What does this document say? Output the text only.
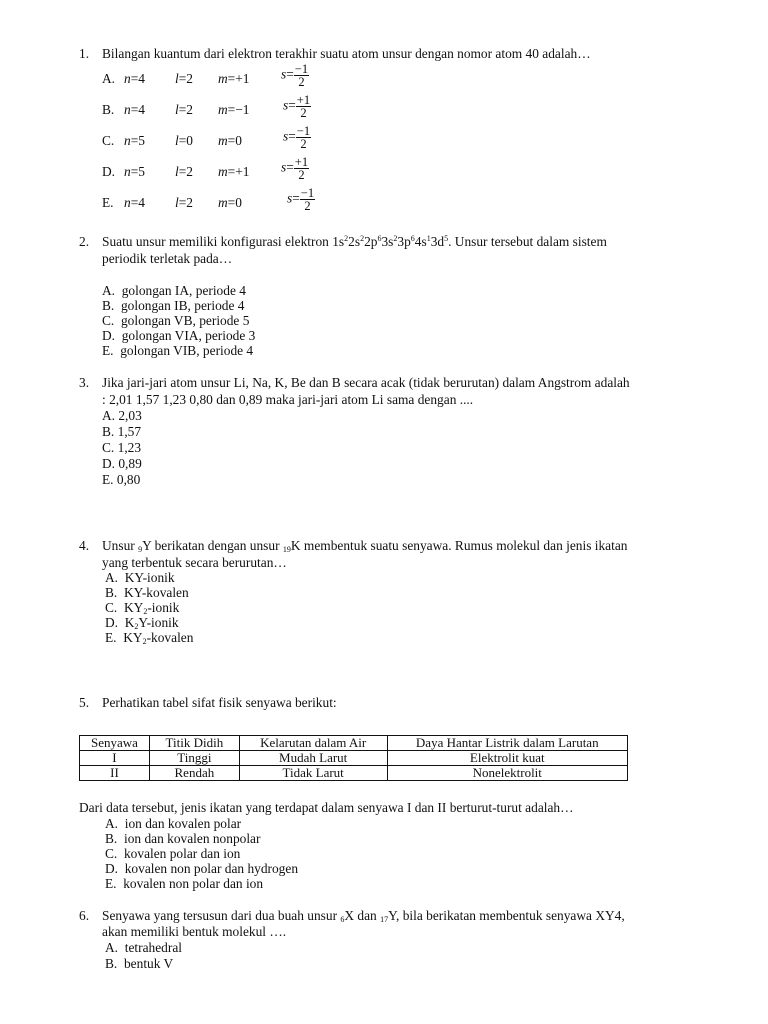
1. Bilangan kuantum dari elektron terakhir suatu atom unsur dengan nomor atom 40 adalah…
A. n=4 l=2 m=+1 $s= \frac{-1}{2}$
B. n=4 l=2 m=−1	$s= \frac{+1}{2}$
C. n=5 l=0 m=0	$s= \frac{-1}{2}$
D. n=5 l=2 m=+1 $s= \frac{+1}{2}$
E. n=4 l=2 m=0	$s= \frac{-1}{2}$
2. Suatu unsur memiliki konfigurasi elektron $1s^22s^22p^63s^23p^64s^13d^5$. Unsur tersebut dalam sistem
periodik terletak pada…
A. golongan IA, periode 4
B. golongan IB, periode 4
C. golongan VB, periode 5
D. golongan VIA, periode 3
E. golongan VIB, periode 4
3. Jika jari-jari atom unsur Li, Na, K, Be dan B secara acak (tidak berurutan) dalam Angstrom adalah
: 2,01 1,57 1,23 0,80 dan 0,89 maka jari-jari atom Li sama dengan ....
A. 2,03
B. 1,57
C. 1,23
D. 0,89
E. 0,80
4. Unsur $_9$Y berikatan dengan unsur $_{19}$K membentuk suatu senyawa. Rumus molekul dan jenis ikatan
yang terbentuk secara berurutan…
A. KY-ionik
B. KY-kovalen
C. $KY_2$-ionik
D. $K_2Y$-ionik
E. $KY_2$-kovalen
5. Perhatikan tabel sifat fisik senyawa berikut:
Senyawa	Titik Didih	Kelarutan dalam Air	Daya Hantar Listrik dalam Larutan
I	Tinggi	Mudah Larut	Elektrolit kuat
II	Rendah	Tidak Larut	Nonelektrolit
Dari data tersebut, jenis ikatan yang terdapat dalam senyawa I dan II berturut-turut adalah…
A. ion dan kovalen polar
B. ion dan kovalen nonpolar
C. kovalen polar dan ion
D. kovalen non polar dan hydrogen
E. kovalen non polar dan ion
6. Senyawa yang tersusun dari dua buah unsur $_6$X dan $_{17}$Y, bila berikatan membentuk senyawa XY4,
akan memiliki bentuk molekul ….
A. tetrahedral
B. bentuk V
